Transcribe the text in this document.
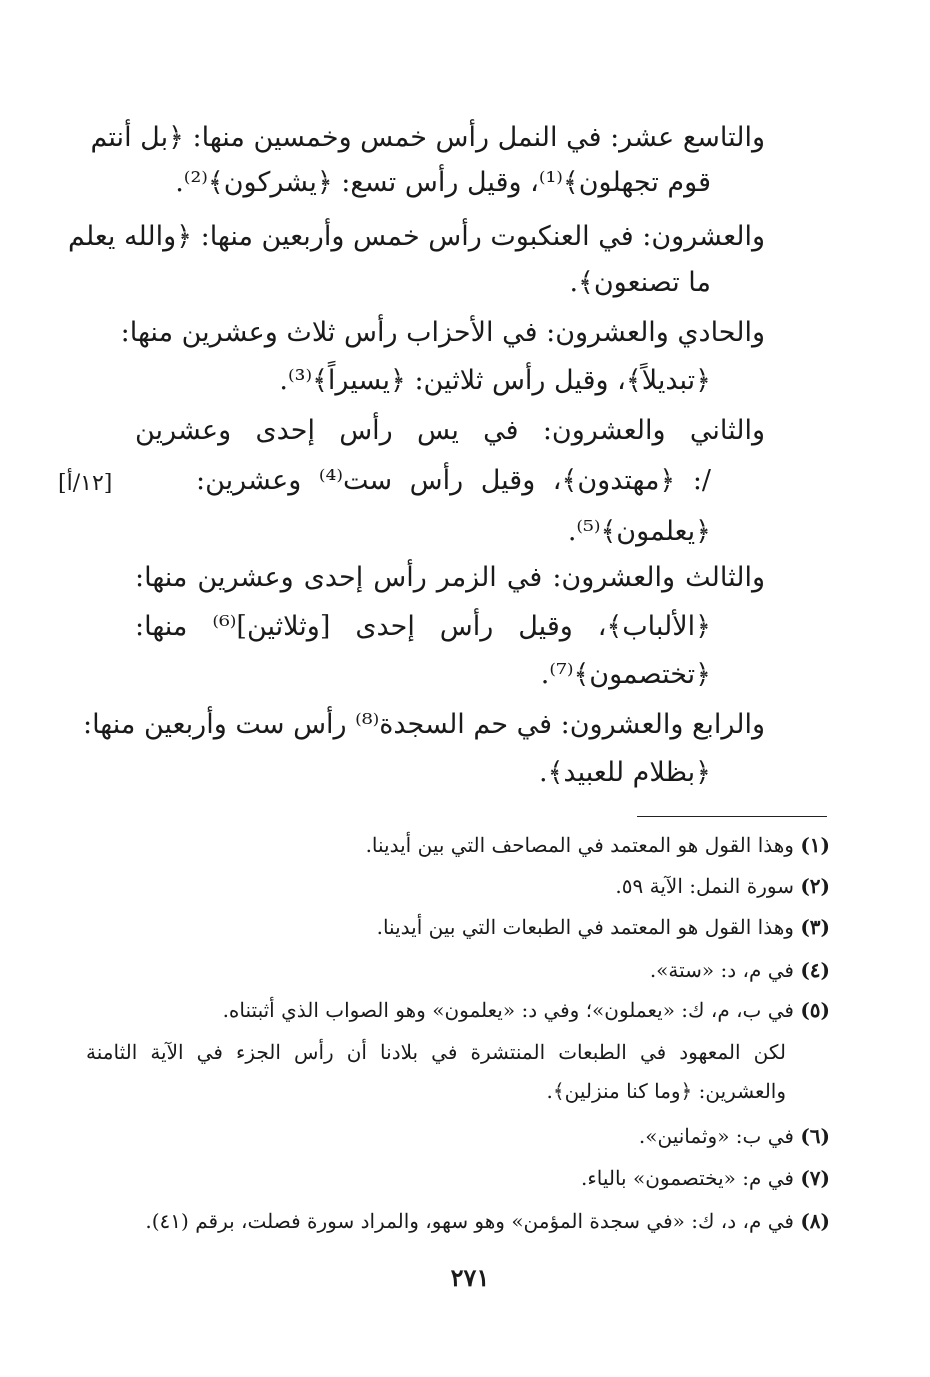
والتاسع عشر: في النمل رأس خمس وخمسين منها: ﴿بل أنتم
قوم تجهلون﴾⁽¹⁾، وقيل رأس تسع: ﴿يشركون﴾⁽²⁾.
والعشرون: في العنكبوت رأس خمس وأربعين منها: ﴿والله يعلم
ما تصنعون﴾.
والحادي والعشرون: في الأحزاب رأس ثلاث وعشرين منها:
﴿تبديلاً﴾، وقيل رأس ثلاثين: ﴿يسيراً﴾⁽³⁾.
والثاني والعشرون: في يس رأس إحدى وعشرين
/: ﴿مهتدون﴾، وقيل رأس ست⁽⁴⁾ وعشرين:
[١٢/أ]
﴿يعلمون﴾⁽⁵⁾.
والثالث والعشرون: في الزمر رأس إحدى وعشرين منها:
﴿الألباب﴾، وقيل رأس إحدى [وثلاثين]⁽⁶⁾ منها:
﴿تختصمون﴾⁽⁷⁾.
والرابع والعشرون: في حم السجدة⁽⁸⁾ رأس ست وأربعين منها:
﴿بظلام للعبيد﴾.
(١) وهذا القول هو المعتمد في المصاحف التي بين أيدينا.
(٢) سورة النمل: الآية ٥٩.
(٣) وهذا القول هو المعتمد في الطبعات التي بين أيدينا.
(٤) في م، د: «ستة».
(٥) في ب، م، ك: «يعملون»؛ وفي د: «يعلمون» وهو الصواب الذي أثبتناه.
لكن المعهود في الطبعات المنتشرة في بلادنا أن رأس الجزء في الآية الثامنة
والعشرين: ﴿وما كنا منزلين﴾.
(٦) في ب: «وثمانين».
(٧) في م: «يختصمون» بالياء.
(٨) في م، د، ك: «في سجدة المؤمن» وهو سهو، والمراد سورة فصلت، برقم (٤١).
٢٧١
